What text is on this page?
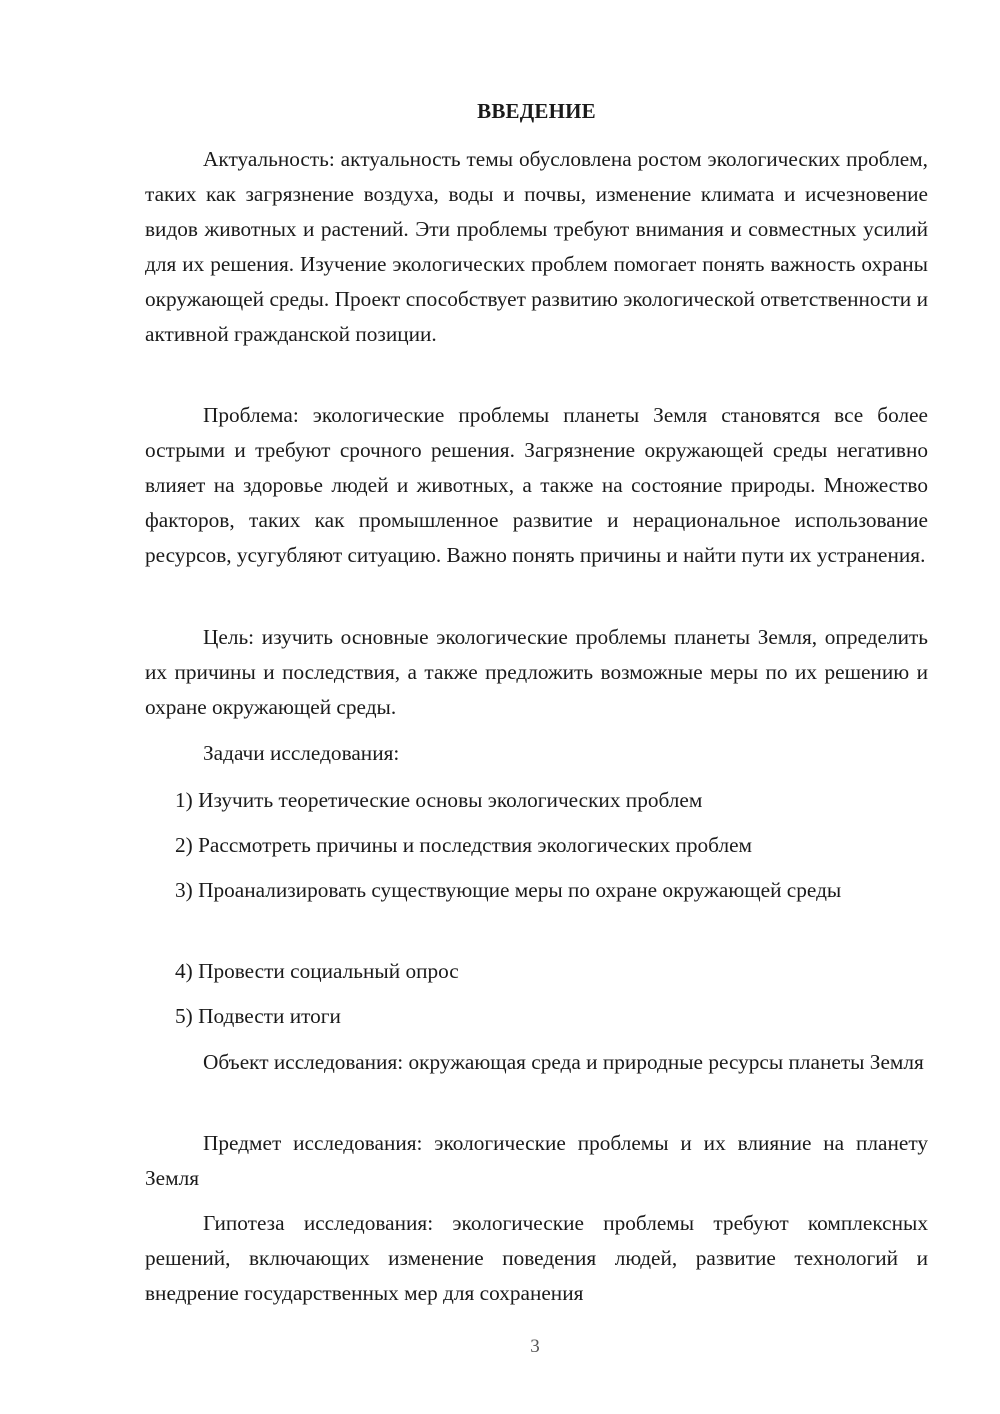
ВВЕДЕНИЕ

Актуальность: актуальность темы обусловлена ростом экологических проблем, таких как загрязнение воздуха, воды и почвы, изменение климата и исчезновение видов животных и растений. Эти проблемы требуют внимания и совместных усилий для их решения. Изучение экологических проблем помогает понять важность охраны окружающей среды. Проект способствует развитию экологической ответственности и активной гражданской позиции.

Проблема: экологические проблемы планеты Земля становятся все более острыми и требуют срочного решения. Загрязнение окружающей среды негативно влияет на здоровье людей и животных, а также на состояние природы. Множество факторов, таких как промышленное развитие и нерациональное использование ресурсов, усугубляют ситуацию. Важно понять причины и найти пути их устранения.

Цель: изучить основные экологические проблемы планеты Земля, определить их причины и последствия, а также предложить возможные меры по их решению и охране окружающей среды.

Задачи исследования:

1) Изучить теоретические основы экологических проблем

2) Рассмотреть причины и последствия экологических проблем

3) Проанализировать существующие меры по охране окружающей среды

4) Провести социальный опрос

5) Подвести итоги

Объект исследования: окружающая среда и природные ресурсы планеты Земля

Предмет исследования: экологические проблемы и их влияние на планету Земля

Гипотеза исследования: экологические проблемы требуют комплексных решений, включающих изменение поведения людей, развитие технологий и внедрение государственных мер для сохранения

3
